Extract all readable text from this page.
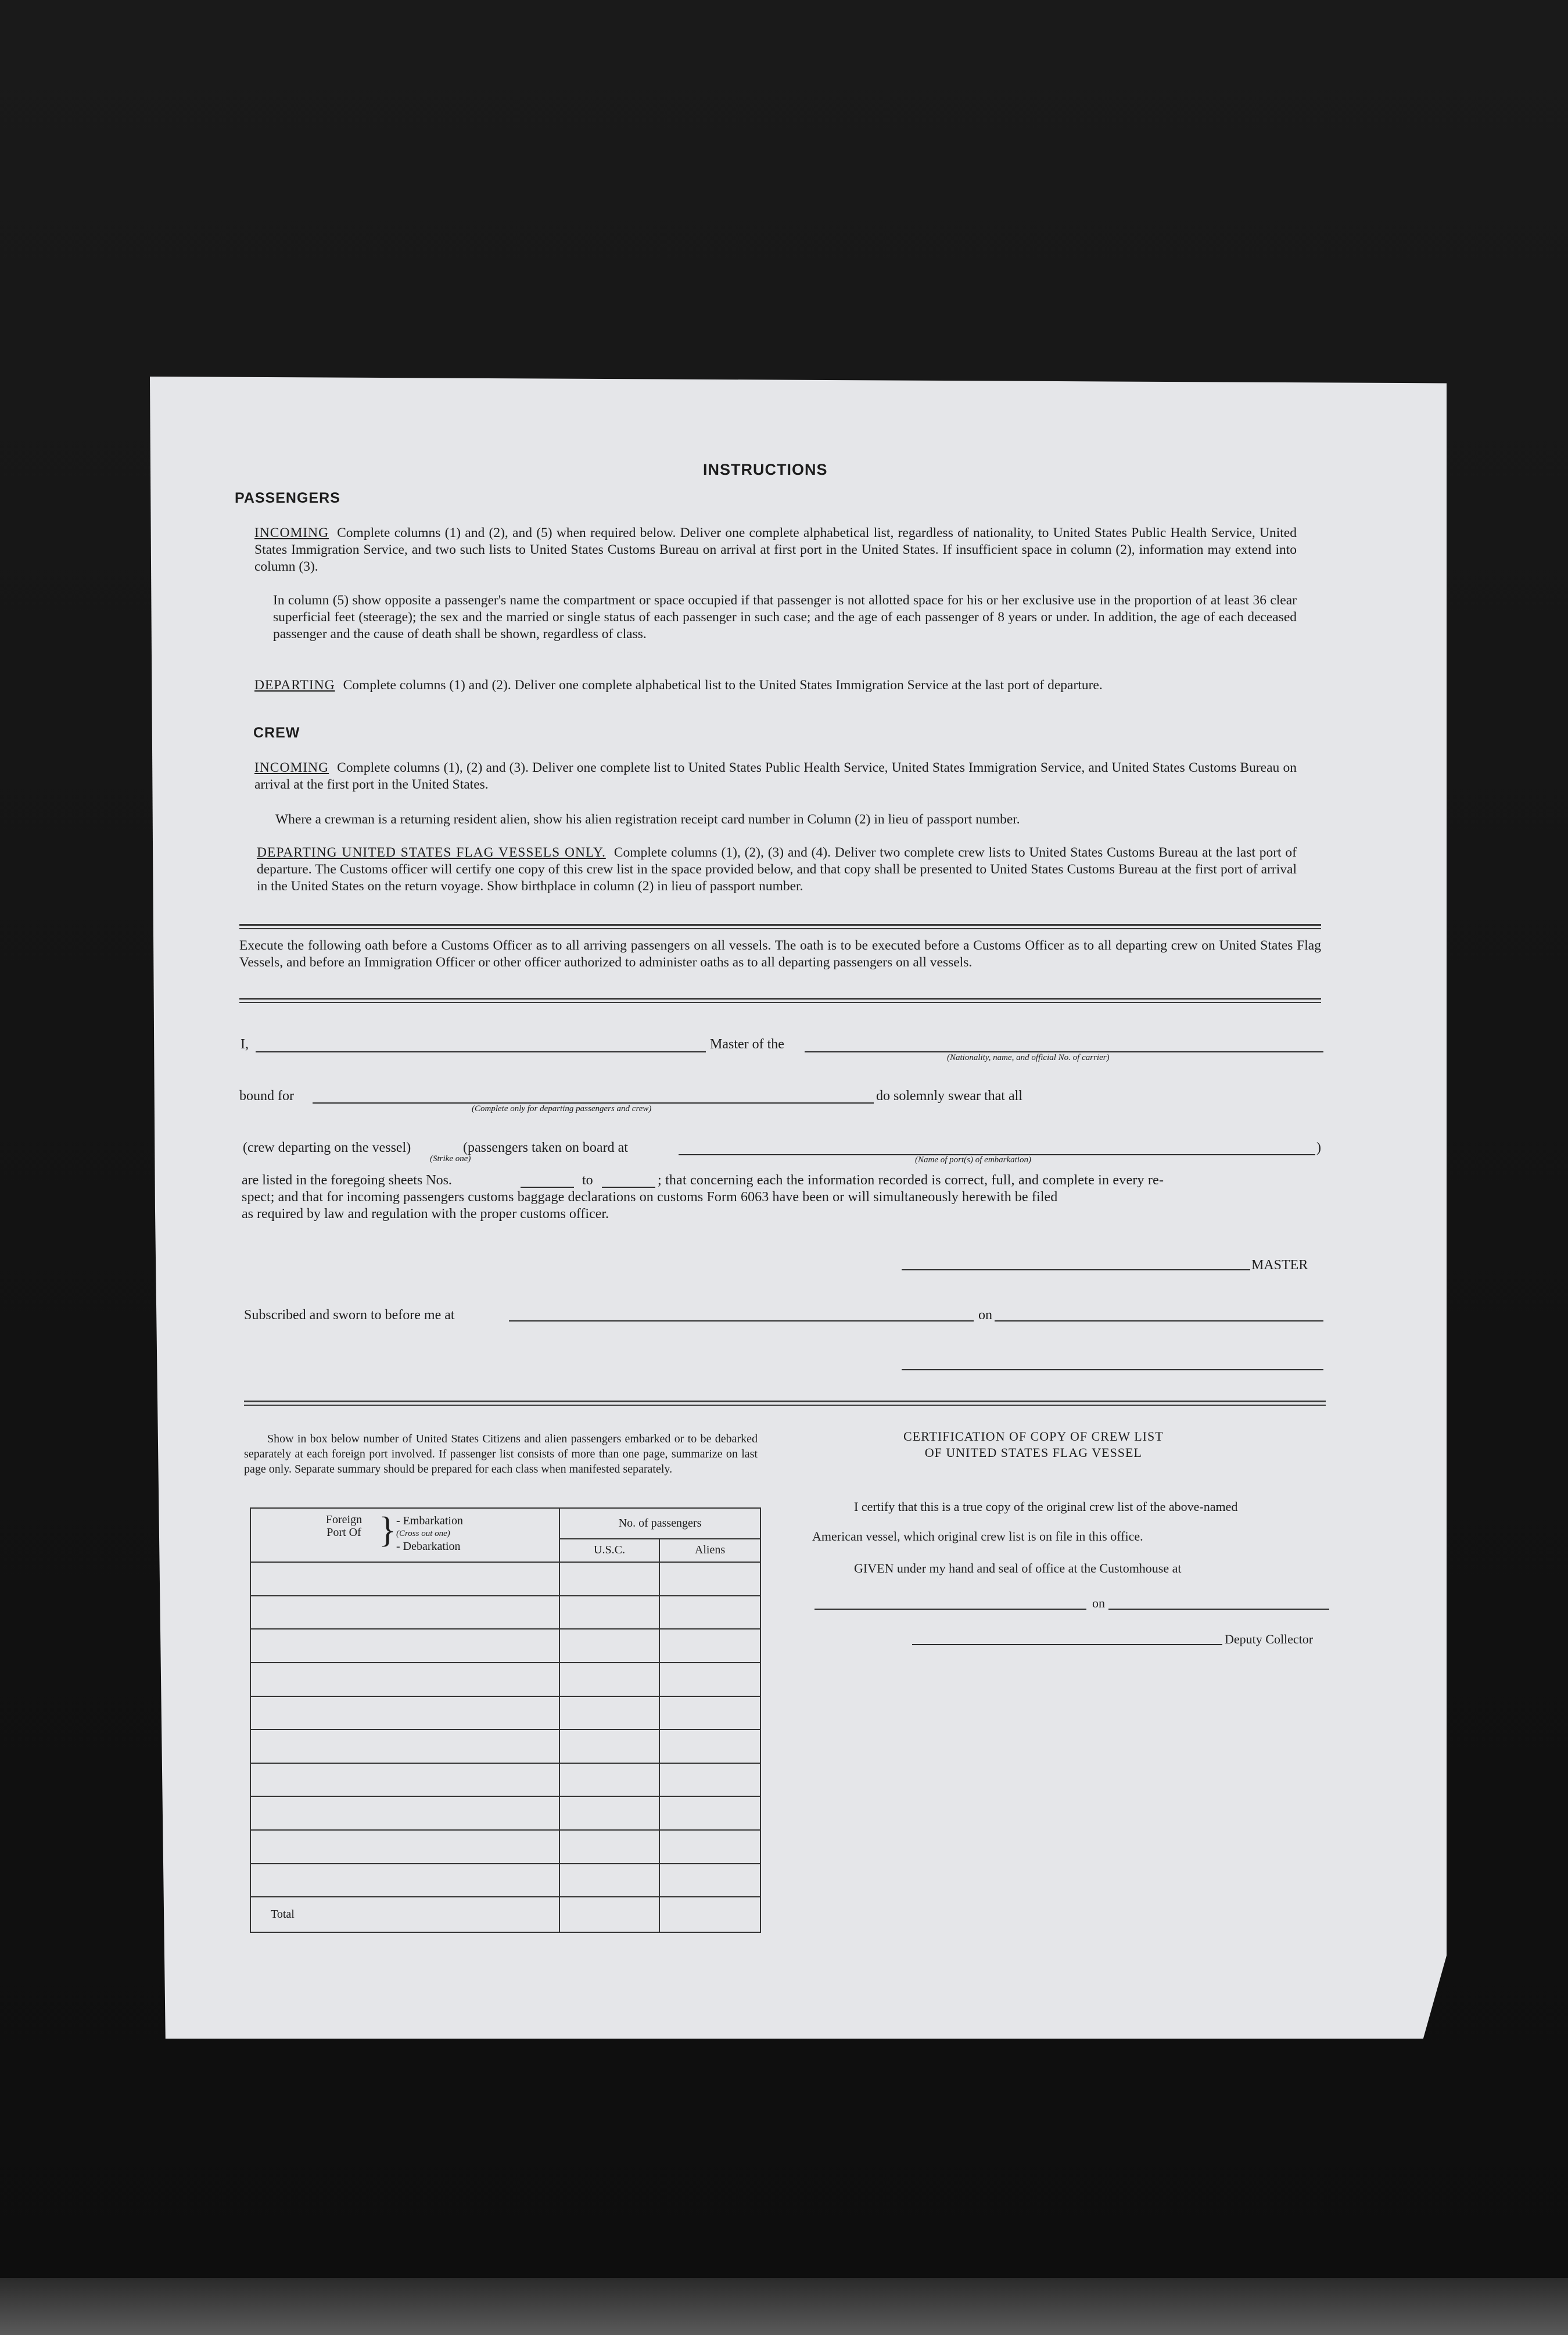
INSTRUCTIONS
PASSENGERS
INCOMING Complete columns (1) and (2), and (5) when required below. Deliver one complete alphabetical list, regardless of nationality, to United States Public Health Service, United States Immigration Service, and two such lists to United States Customs Bureau on arrival at first port in the United States. If insufficient space in column (2), information may extend into column (3).
In column (5) show opposite a passenger's name the compartment or space occupied if that passenger is not allotted space for his or her exclusive use in the proportion of at least 36 clear superficial feet (steerage); the sex and the married or single status of each passenger in such case; and the age of each passenger of 8 years or under. In addition, the age of each deceased passenger and the cause of death shall be shown, regardless of class.
DEPARTING Complete columns (1) and (2). Deliver one complete alphabetical list to the United States Immigration Service at the last port of departure.
CREW
INCOMING Complete columns (1), (2) and (3). Deliver one complete list to United States Public Health Service, United States Immigration Service, and United States Customs Bureau on arrival at the first port in the United States.
Where a crewman is a returning resident alien, show his alien registration receipt card number in Column (2) in lieu of passport number.
DEPARTING UNITED STATES FLAG VESSELS ONLY. Complete columns (1), (2), (3) and (4). Deliver two complete crew lists to United States Customs Bureau at the last port of departure. The Customs officer will certify one copy of this crew list in the space provided below, and that copy shall be presented to United States Customs Bureau at the first port of arrival in the United States on the return voyage. Show birthplace in column (2) in lieu of passport number.
Execute the following oath before a Customs Officer as to all arriving passengers on all vessels. The oath is to be executed before a Customs Officer as to all departing crew on United States Flag Vessels, and before an Immigration Officer or other officer authorized to administer oaths as to all departing passengers on all vessels.
I,	Master of the
(Nationality, name, and official No. of carrier)
bound for
(Complete only for departing passengers and crew)
do solemnly swear that all
(crew departing on the vessel)
(Strike one)
(passengers taken on board at
(Name of port(s) of embarkation)
)
are listed in the foregoing sheets Nos.	to	; that concerning each the information recorded is correct, full, and complete in every re-
spect; and that for incoming passengers customs baggage declarations on customs Form 6063 have been or will simultaneously herewith be filed
as required by law and regulation with the proper customs officer.
MASTER
Subscribed and sworn to before me at	on
Show in box below number of United States Citizens and alien passengers embarked or to be debarked separately at each foreign port involved. If passenger list consists of more than one page, summarize on last page only. Separate summary should be prepared for each class when manifested separately.
Foreign Port Of } - Embarkation
(Cross out one)
- Debarkation	No. of passengers	
	U.S.C.	Aliens

Total		
CERTIFICATION OF COPY OF CREW LIST
OF UNITED STATES FLAG VESSEL
I certify that this is a true copy of the original crew list of the above-named
American vessel, which original crew list is on file in this office.
GIVEN under my hand and seal of office at the Customhouse at
on
Deputy Collector
